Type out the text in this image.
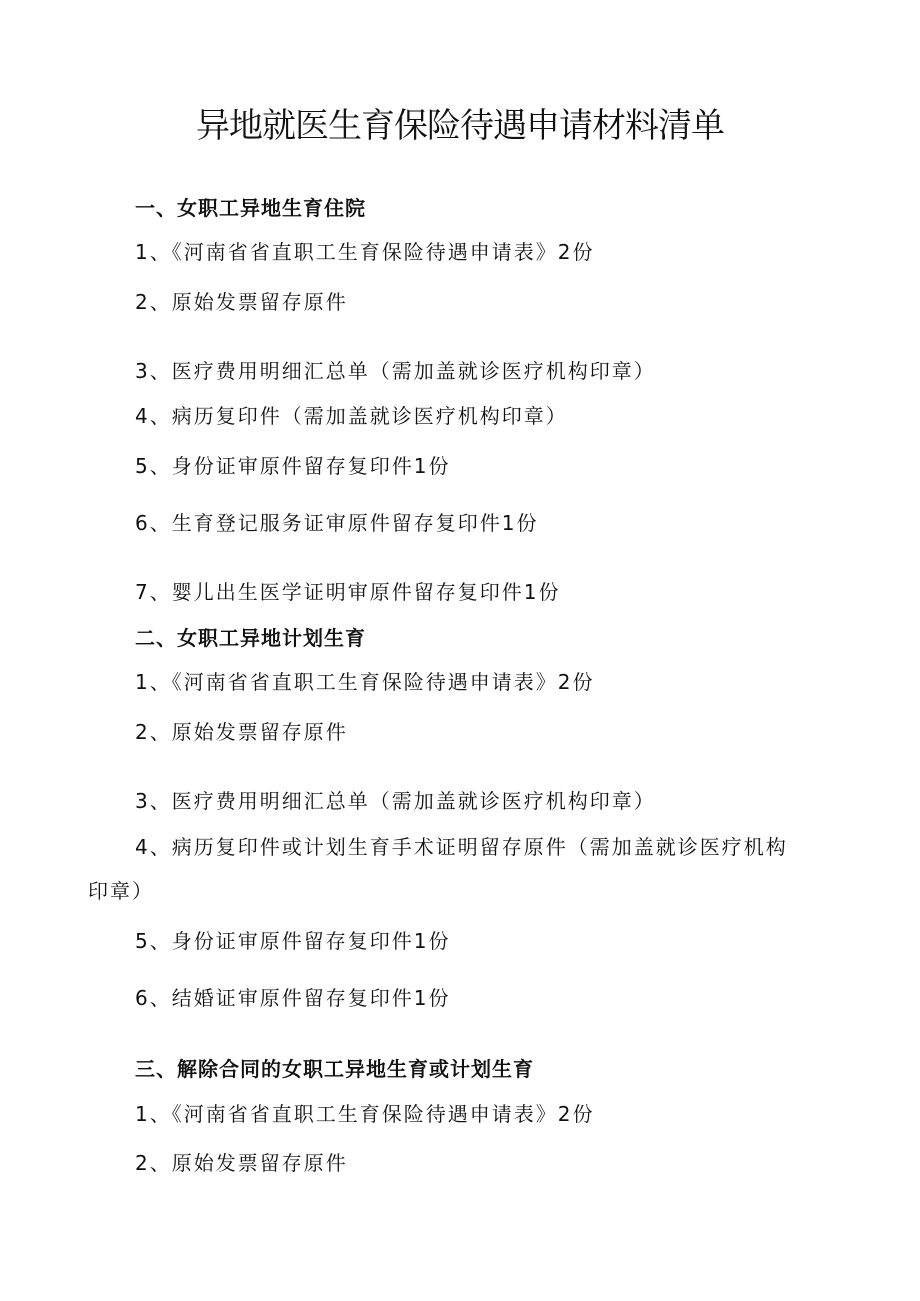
异地就医生育保险待遇申请材料清单
一、女职工异地生育住院
1、《河南省省直职工生育保险待遇申请表》2份
2、原始发票留存原件
3、医疗费用明细汇总单（需加盖就诊医疗机构印章）
4、病历复印件（需加盖就诊医疗机构印章）
5、身份证审原件留存复印件1份
6、生育登记服务证审原件留存复印件1份
7、婴儿出生医学证明审原件留存复印件1份
二、女职工异地计划生育
1、《河南省省直职工生育保险待遇申请表》2份
2、原始发票留存原件
3、医疗费用明细汇总单（需加盖就诊医疗机构印章）
4、病历复印件或计划生育手术证明留存原件（需加盖就诊医疗机构
印章）
5、身份证审原件留存复印件1份
6、结婚证审原件留存复印件1份
三、解除合同的女职工异地生育或计划生育
1、《河南省省直职工生育保险待遇申请表》2份
2、原始发票留存原件
